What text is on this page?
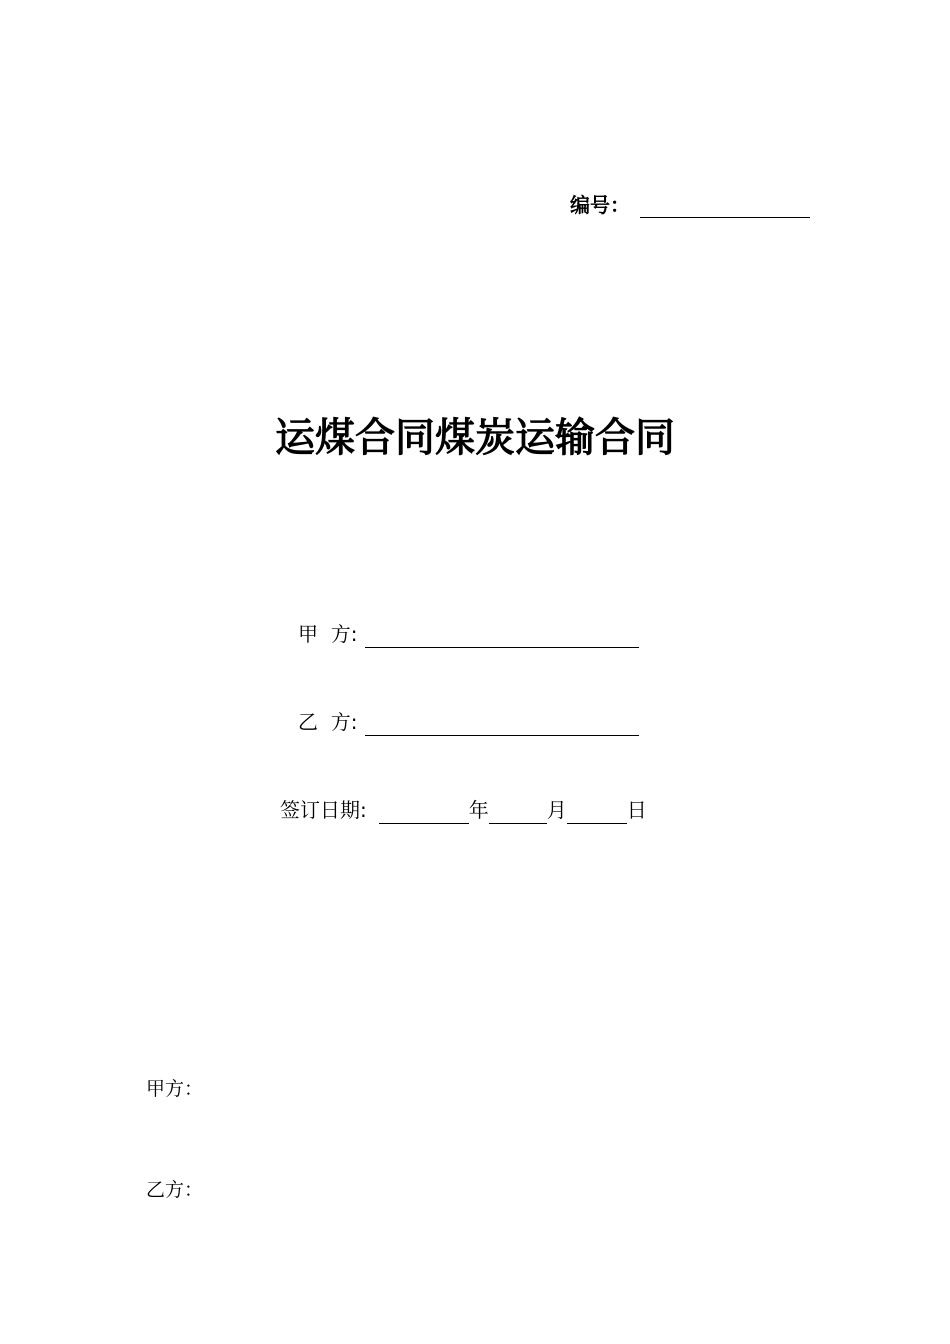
编号：
运煤合同煤炭运输合同
甲  方:
乙  方:
签订日期:	年	月	日
甲方：
乙方：
